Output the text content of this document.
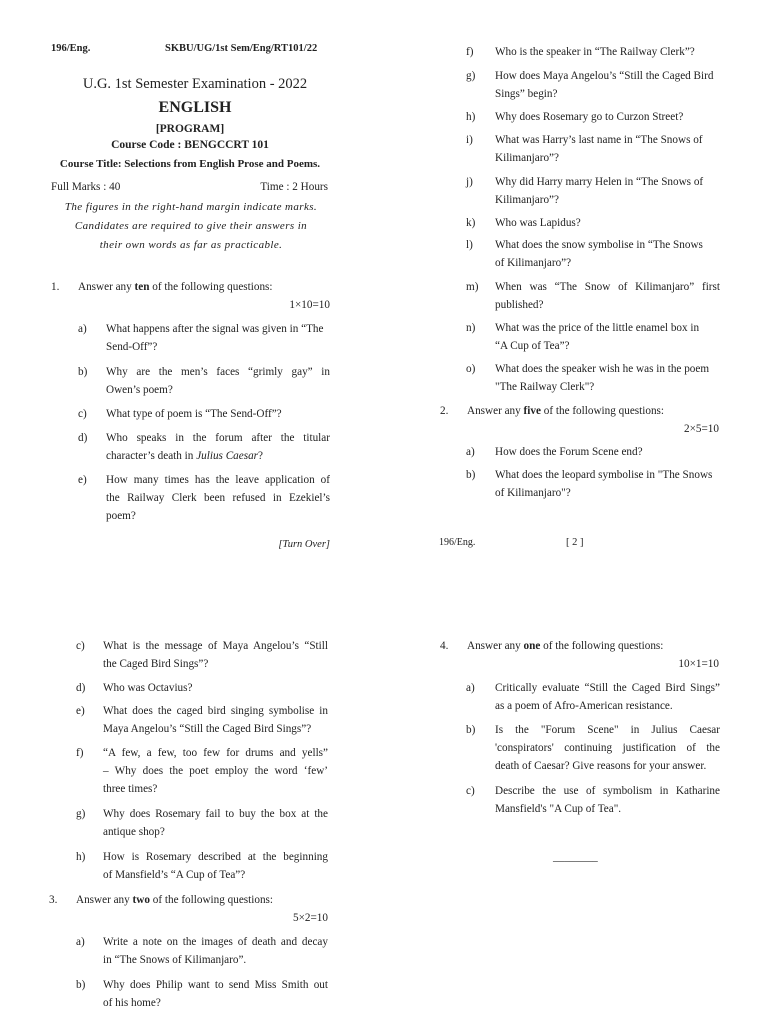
196/Eng.	SKBU/UG/1st Sem/Eng/RT101/22
U.G. 1st Semester Examination - 2022
ENGLISH
[PROGRAM]
Course Code : BENGCCRT 101
Course Title: Selections from English Prose and Poems.
Full Marks : 40	Time : 2 Hours
The figures in the right-hand margin indicate marks.
Candidates are required to give their answers in
their own words as far as practicable.
1. Answer any ten of the following questions:
1×10=10
a) What happens after the signal was given in “The
Send-Off”?
b) Why are the men’s faces “grimly gay” in
Owen’s poem?
c) What type of poem is “The Send-Off”?
d) Who speaks in the forum after the titular
character’s death in Julius Caesar?
e) How many times has the leave application of
the Railway Clerk been refused in Ezekiel’s
poem?
[Turn Over]
f) Who is the speaker in “The Railway Clerk”?
g) How does Maya Angelou’s “Still the Caged Bird
Sings” begin?
h) Why does Rosemary go to Curzon Street?
i) What was Harry’s last name in “The Snows of
Kilimanjaro”?
j) Why did Harry marry Helen in “The Snows of
Kilimanjaro”?
k) Who was Lapidus?
l) What does the snow symbolise in “The Snows
of Kilimanjaro”?
m) When was “The Snow of Kilimanjaro” first
published?
n) What was the price of the little enamel box in
“A Cup of Tea”?
o) What does the speaker wish he was in the poem
"The Railway Clerk"?
2. Answer any five of the following questions:
2×5=10
a) How does the Forum Scene end?
b) What does the leopard symbolise in "The Snows
of Kilimanjaro"?
196/Eng.	[ 2 ]
c) What is the message of Maya Angelou’s “Still
the Caged Bird Sings”?
d) Who was Octavius?
e) What does the caged bird singing symbolise in
Maya Angelou’s “Still the Caged Bird Sings”?
f) “A few, a few, too few for drums and yells”
– Why does the poet employ the word ‘few’
three times?
g) Why does Rosemary fail to buy the box at the
antique shop?
h) How is Rosemary described at the beginning
of Mansfield’s “A Cup of Tea”?
3. Answer any two of the following questions:
5×2=10
a) Write a note on the images of death and decay
in “The Snows of Kilimanjaro”.
b) Why does Philip want to send Miss Smith out
of his home?
4. Answer any one of the following questions:
10×1=10
a) Critically evaluate “Still the Caged Bird Sings”
as a poem of Afro-American resistance.
b) Is the "Forum Scene" in Julius Caesar
'conspirators' continuing justification of the
death of Caesar? Give reasons for your answer.
c) Describe the use of symbolism in Katharine
Mansfield's "A Cup of Tea".
________
